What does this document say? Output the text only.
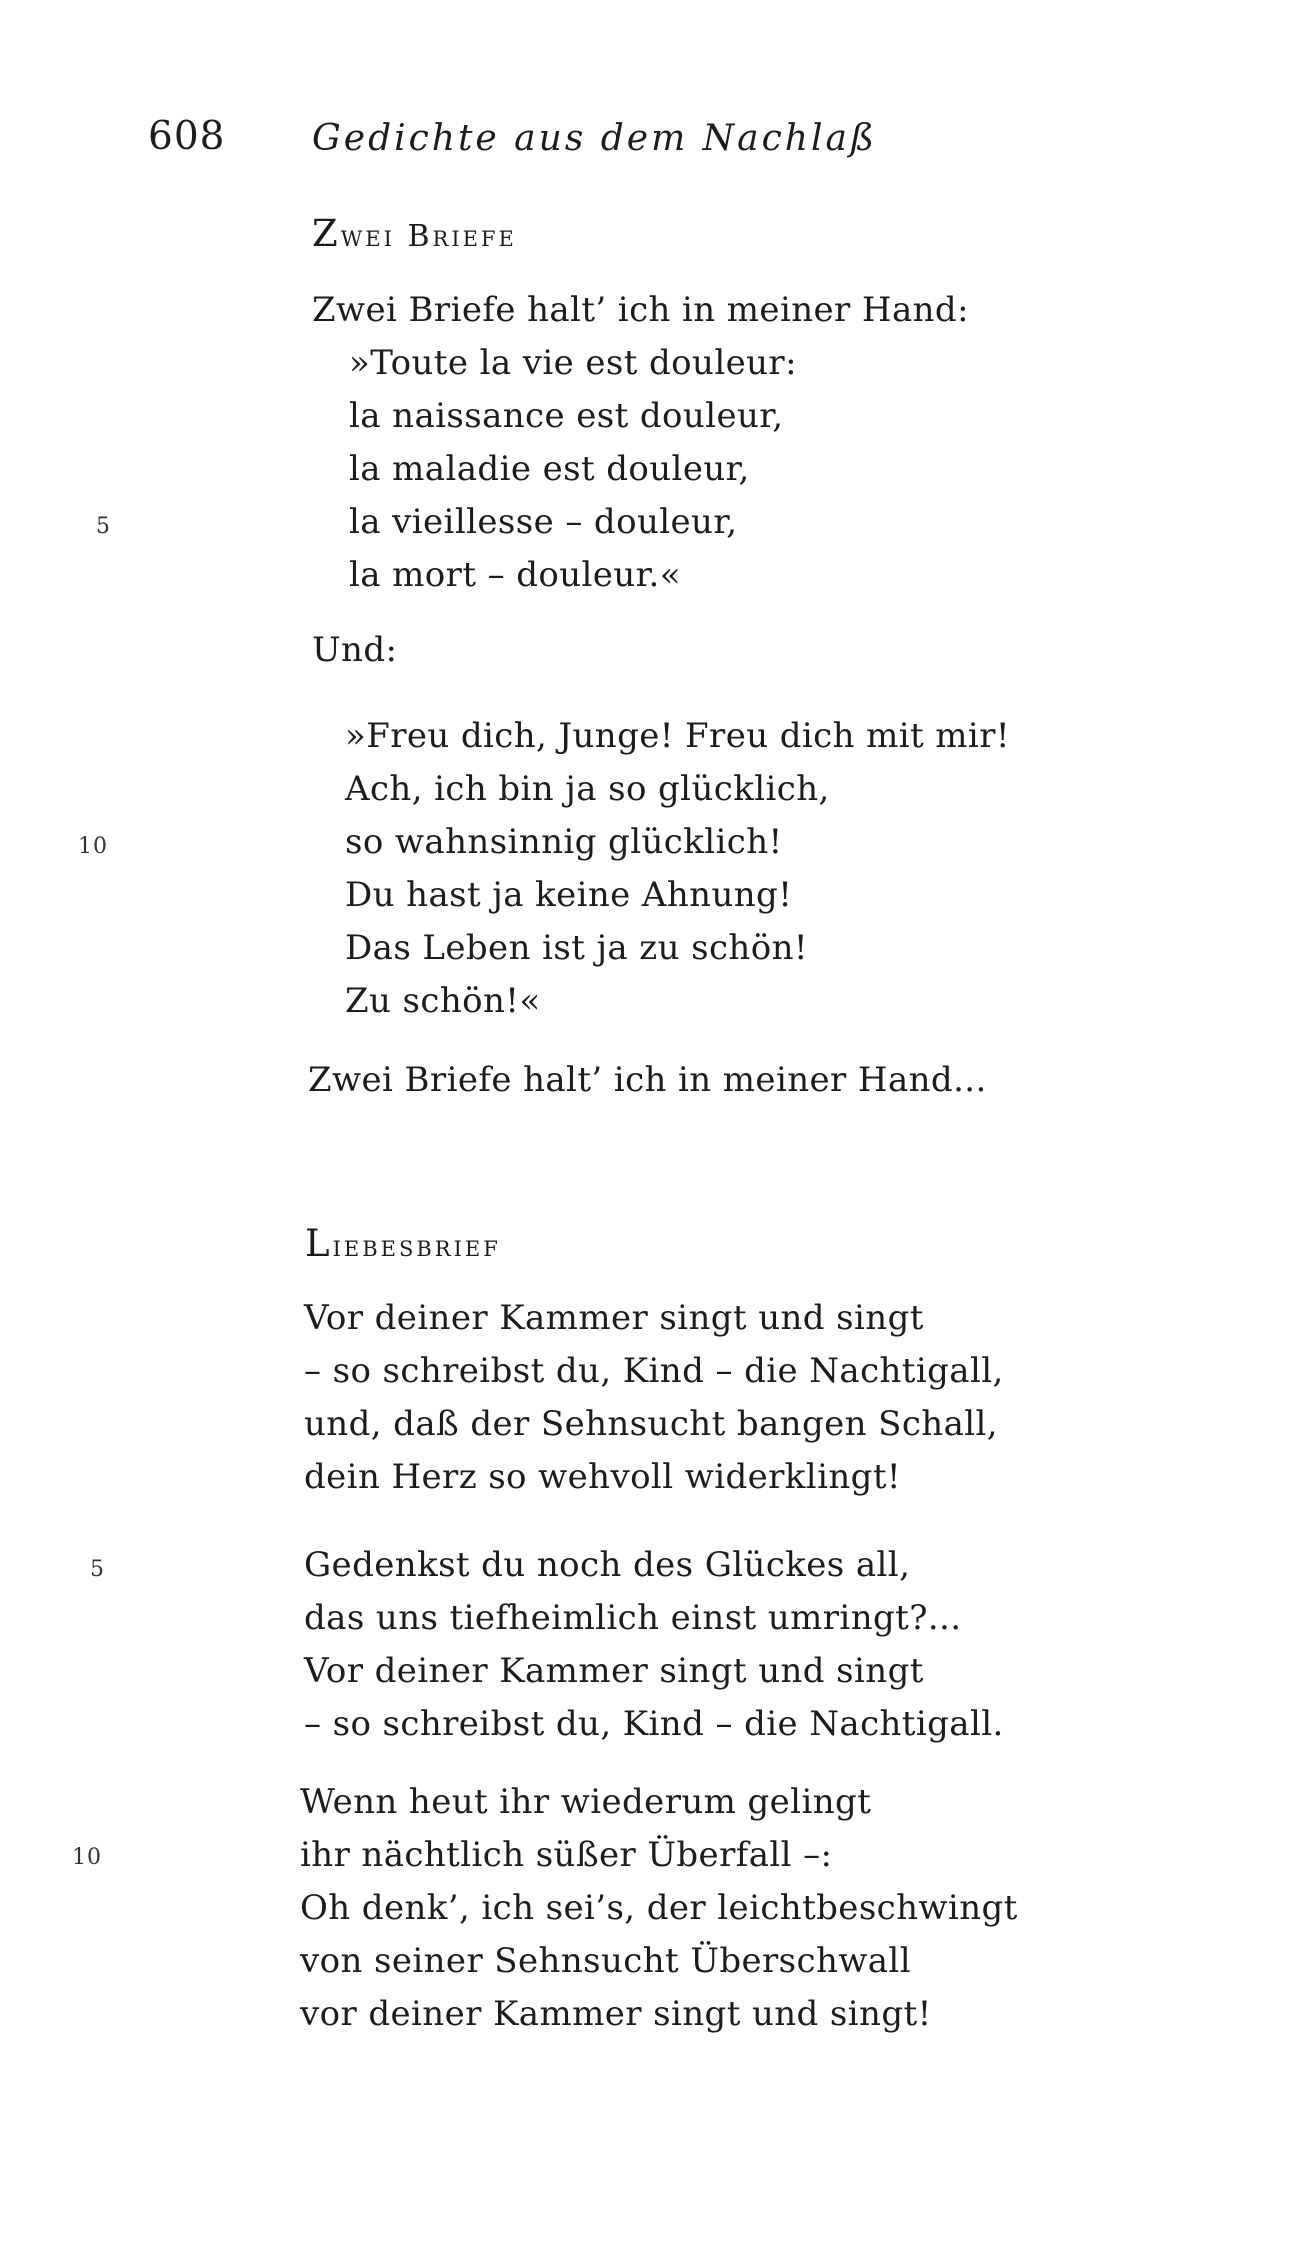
608 Gedichte aus dem Nachlaß
Zwei Briefe
Zwei Briefe halt’ ich in meiner Hand:
»Toute la vie est douleur:
la naissance est douleur,
la maladie est douleur,
la vieillesse – douleur,
5
la mort – douleur.«
Und:
»Freu dich, Junge! Freu dich mit mir!
Ach, ich bin ja so glücklich,
10	so wahnsinnig glücklich!
Du hast ja keine Ahnung!
Das Leben ist ja zu schön!
Zu schön!«
Zwei Briefe halt’ ich in meiner Hand...
Liebesbrief
Vor deiner Kammer singt und singt
– so schreibst du, Kind – die Nachtigall,
und, daß der Sehnsucht bangen Schall,
dein Herz so wehvoll widerklingt!
5	Gedenkst du noch des Glückes all,
das uns tiefheimlich einst umringt?...
Vor deiner Kammer singt und singt
– so schreibst du, Kind – die Nachtigall.
Wenn heut ihr wiederum gelingt
10	ihr nächtlich süßer Überfall –:
Oh denk’, ich sei’s, der leichtbeschwingt
von seiner Sehnsucht Überschwall
vor deiner Kammer singt und singt!
